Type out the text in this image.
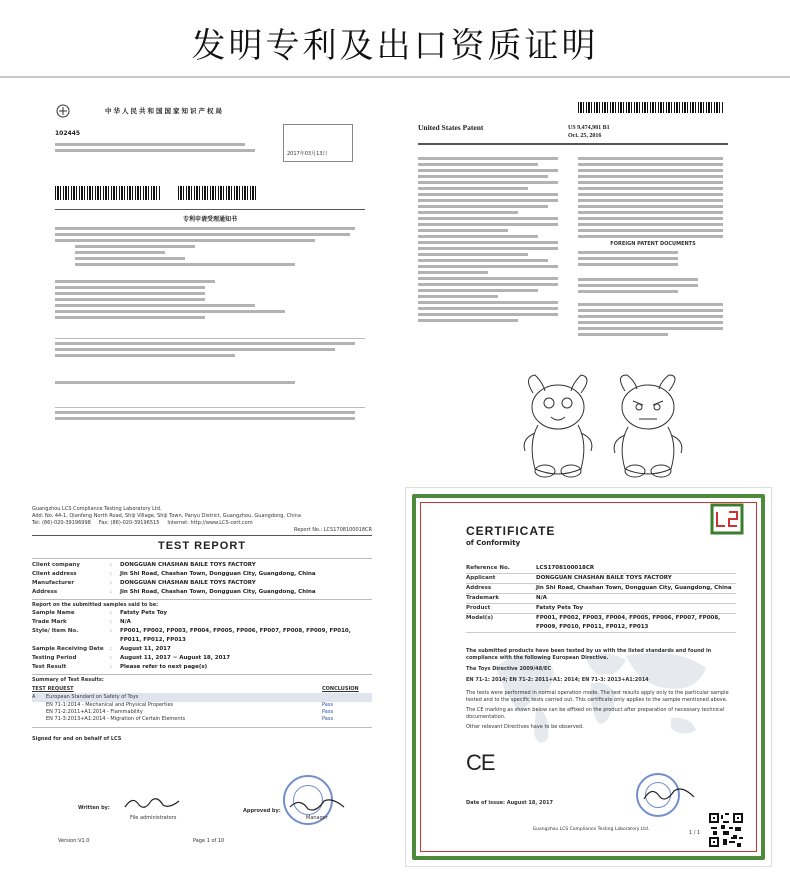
发明专利及出口资质证明
中华人民共和国国家知识产权局
102445
2017年03月13日
专利申请受理通知书
United States Patent	US 9,474,981 B1
Oct. 25, 2016
FOREIGN PATENT DOCUMENTS
Guangzhou LCS Compliance Testing Laboratory Ltd.
Add: No. 44-1, Qianfeng North Road, Shiji Village, Shiji Town, Panyu District, Guangzhou, Guangdong, China
Tel: (86)-020-39196998 Fax: (86)-020-39196515 Internet: http://www.LCS-cert.com
Report No.: LCS1708100018CR
TEST REPORT
Client company	:	DONGGUAN CHASHAN BAILE TOYS FACTORY
Client address	:	Jin Shi Road, Chashan Town, Dongguan City, Guangdong, China
Manufacturer	:	DONGGUAN CHASHAN BAILE TOYS FACTORY
Address	:	Jin Shi Road, Chashan Town, Dongguan City, Guangdong, China
Report on the submitted samples said to be:
Sample Name	:	Fatsty Pets Toy
Trade Mark	:	N/A
Style/ Item No.	:	FP001, FP002, FP003, FP004, FP005, FP006, FP007, FP008, FP009, FP010, FP011, FP012, FP013
Sample Receiving Date	:	August 11, 2017
Testing Period	:	August 11, 2017 ~ August 18, 2017
Test Result	:	Please refer to next page(s)
Summary of Test Results:
TEST REQUEST	CONCLUSION
A	European Standard on Safety of Toys
EN 71-1:2014 - Mechanical and Physical Properties	Pass
EN 71-2:2011+A1:2014 - Flammability	Pass
EN 71-3:2013+A1:2014 - Migration of Certain Elements	Pass
Signed for and on behalf of LCS
Written by:
File administrators
Approved by:
Manager
Version:V1.0	Page 1 of 10
CERTIFICATE
of Conformity
Reference No.	LCS1708100018CR
Applicant	DONGGUAN CHASHAN BAILE TOYS FACTORY
Address	Jin Shi Road, Chashan Town, Dongguan City, Guangdong, China
Trademark	N/A
Product	Fatsty Pets Toy
Model(s)	FP001, FP002, FP003, FP004, FP005, FP006, FP007, FP008, FP009, FP010, FP011, FP012, FP013
The submitted products have been tested by us with the listed standards and found in compliance with the following European Directive.
The Toys Directive 2009/48/EC
EN 71-1: 2014; EN 71-2: 2011+A1: 2014; EN 71-3: 2013+A1:2014
The tests were performed in normal operation mode. The test results apply only to the particular sample tested and to the specific tests carried out. This certificate only applies to the sample mentioned above.
The CE marking as shown below can be affixed on the product after preparation of necessary technical documentation.
Other relevant Directives have to be observed.
CE
Date of issue: August 18, 2017
Guangzhou LCS Compliance Testing Laboratory Ltd.
1 / 1
